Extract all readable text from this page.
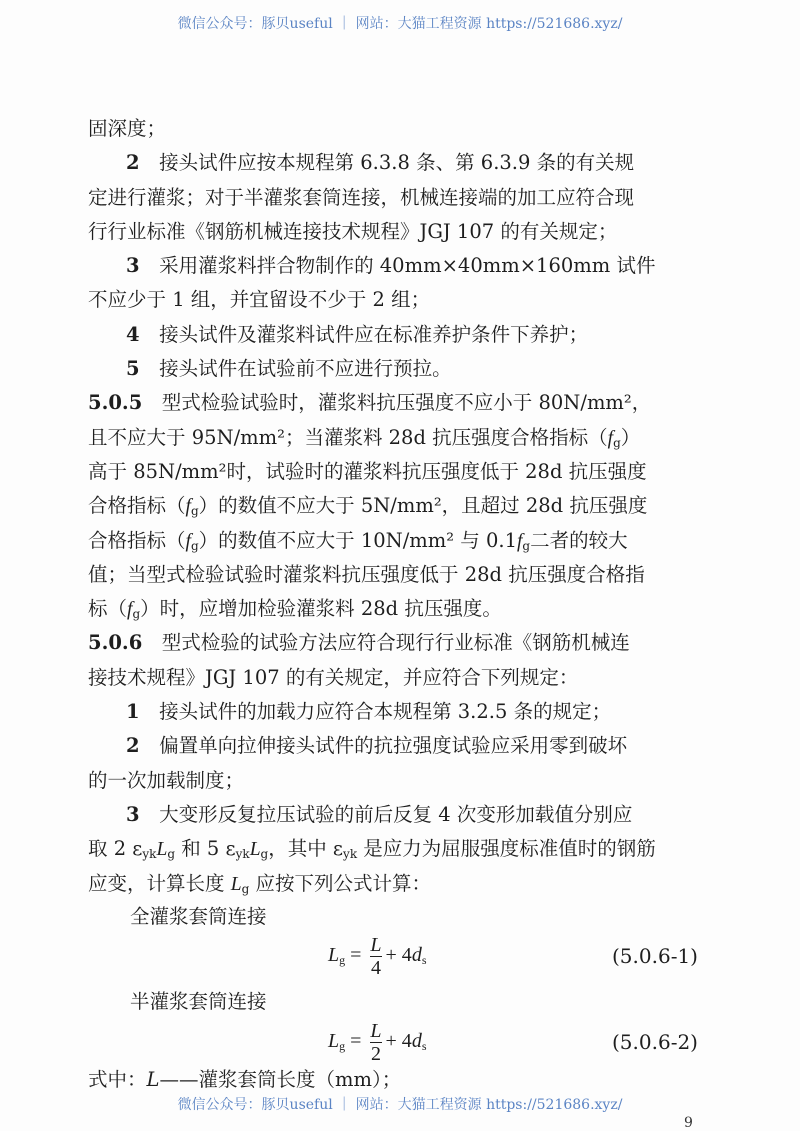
微信公众号：豚贝useful ｜ 网站：大猫工程资源 https://521686.xyz/
固深度；
2　接头试件应按本规程第 6.3.8 条、第 6.3.9 条的有关规
定进行灌浆；对于半灌浆套筒连接，机械连接端的加工应符合现
行行业标准《钢筋机械连接技术规程》JGJ 107 的有关规定；
3　采用灌浆料拌合物制作的 40mm×40mm×160mm 试件
不应少于 1 组，并宜留设不少于 2 组；
4　接头试件及灌浆料试件应在标准养护条件下养护；
5　接头试件在试验前不应进行预拉。
5.0.5　型式检验试验时，灌浆料抗压强度不应小于 80N/mm²，
且不应大于 95N/mm²；当灌浆料 28d 抗压强度合格指标$(f_g)$
高于 85N/mm²时，试验时的灌浆料抗压强度低于 28d 抗压强度
合格指标$(f_g)$的数值不应大于 5N/mm²，且超过 28d 抗压强度
合格指标$(f_g)$的数值不应大于 10N/mm² 与 $0.1f_g$二者的较大
值；当型式检验试验时灌浆料抗压强度低于 28d 抗压强度合格指
标$(f_g)$时，应增加检验灌浆料 28d 抗压强度。
5.0.6　型式检验的试验方法应符合现行行业标准《钢筋机械连
接技术规程》JGJ 107 的有关规定，并应符合下列规定：
1　接头试件的加载力应符合本规程第 3.2.5 条的规定；
2　偏置单向拉伸接头试件的抗拉强度试验应采用零到破坏
的一次加载制度；
3　大变形反复拉压试验的前后反复 4 次变形加载值分别应
取 2 $\varepsilon_{yk}L_g$ 和 5 $\varepsilon_{yk}L_g$，其中 $\varepsilon_{yk}$ 是应力为屈服强度标准值时的钢筋
应变，计算长度 $L_g$ 应按下列公式计算：
全灌浆套筒连接
$L_g = \frac{L}{4} + 4d_s$	(5.0.6-1)
半灌浆套筒连接
$L_g = \frac{L}{2} + 4d_s$	(5.0.6-2)
式中：L——灌浆套筒长度（mm）；
微信公众号：豚贝useful ｜ 网站：大猫工程资源 https://521686.xyz/
9
